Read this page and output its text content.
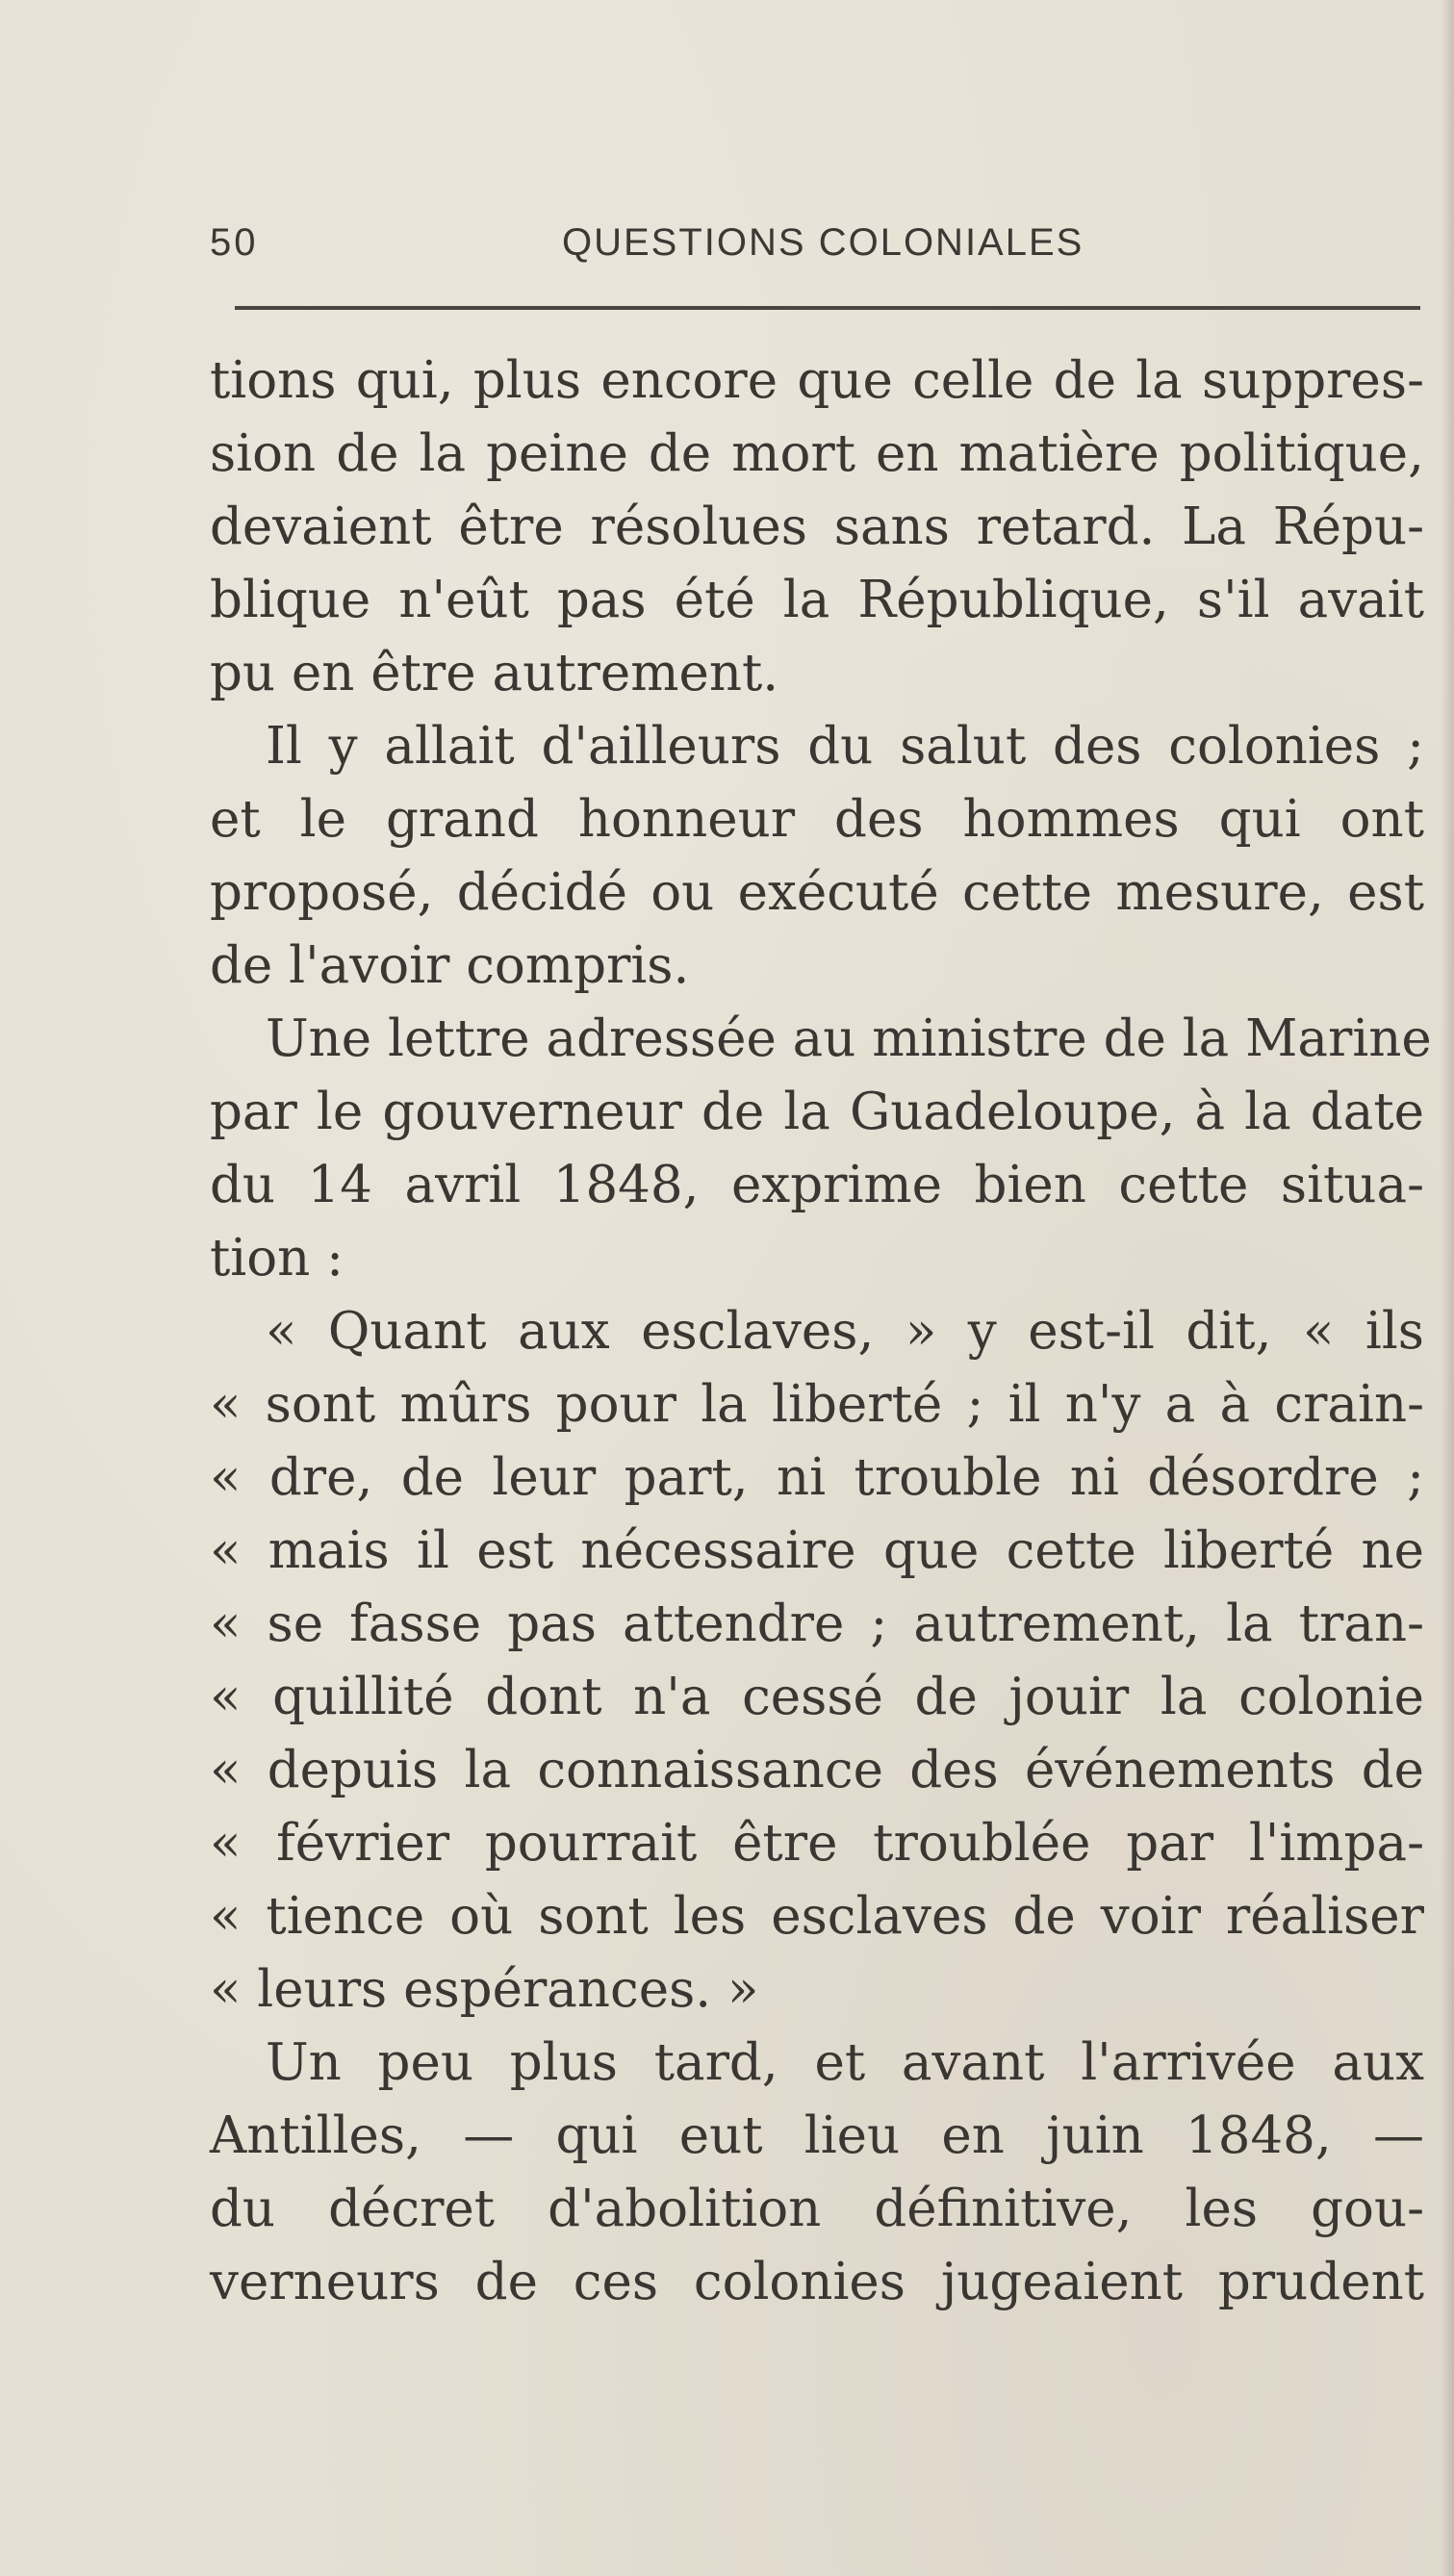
50	QUESTIONS COLONIALES
tions qui, plus encore que celle de la suppres-
sion de la peine de mort en matière politique,
devaient être résolues sans retard. La Répu-
blique n'eût pas été la République, s'il avait
pu en être autrement.
Il y allait d'ailleurs du salut des colonies ;
et le grand honneur des hommes qui ont
proposé, décidé ou exécuté cette mesure, est
de l'avoir compris.
Une lettre adressée au ministre de la Marine
par le gouverneur de la Guadeloupe, à la date
du 14 avril 1848, exprime bien cette situa-
tion :
« Quant aux esclaves, » y est-il dit, « ils
« sont mûrs pour la liberté ; il n'y a à crain-
« dre, de leur part, ni trouble ni désordre ;
« mais il est nécessaire que cette liberté ne
« se fasse pas attendre ; autrement, la tran-
« quillité dont n'a cessé de jouir la colonie
« depuis la connaissance des événements de
« février pourrait être troublée par l'impa-
« tience où sont les esclaves de voir réaliser
« leurs espérances. »
Un peu plus tard, et avant l'arrivée aux
Antilles, — qui eut lieu en juin 1848, —
du décret d'abolition définitive, les gou-
verneurs de ces colonies jugeaient prudent
